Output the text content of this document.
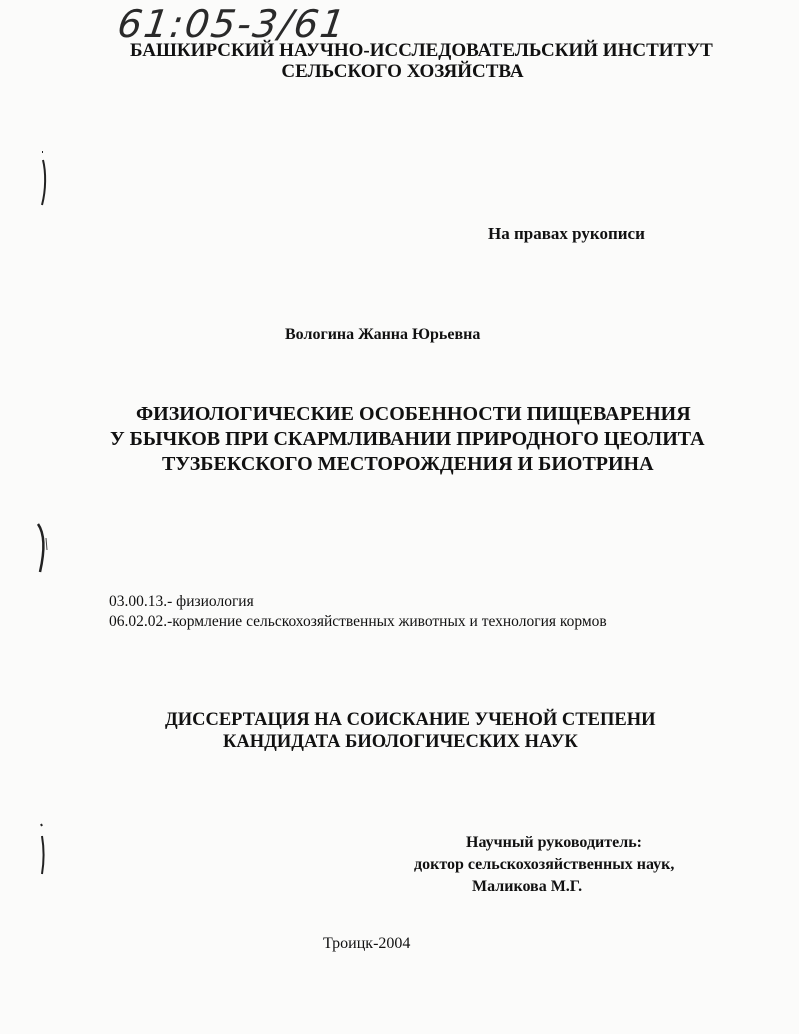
61:05-3/61
БАШКИРСКИЙ НАУЧНО-ИССЛЕДОВАТЕЛЬСКИЙ ИНСТИТУТ
СЕЛЬСКОГО ХОЗЯЙСТВА
На правах рукописи
Вологина Жанна Юрьевна
ФИЗИОЛОГИЧЕСКИЕ ОСОБЕННОСТИ ПИЩЕВАРЕНИЯ
У БЫЧКОВ ПРИ СКАРМЛИВАНИИ ПРИРОДНОГО ЦЕОЛИТА
ТУЗБЕКСКОГО МЕСТОРОЖДЕНИЯ И БИОТРИНА
03.00.13.- физиология
06.02.02.-кормление сельскохозяйственных животных и технология кормов
ДИССЕРТАЦИЯ НА СОИСКАНИЕ УЧЕНОЙ СТЕПЕНИ
КАНДИДАТА БИОЛОГИЧЕСКИХ НАУК
Научный руководитель:
доктор сельскохозяйственных наук,
Маликова М.Г.
Троицк-2004
